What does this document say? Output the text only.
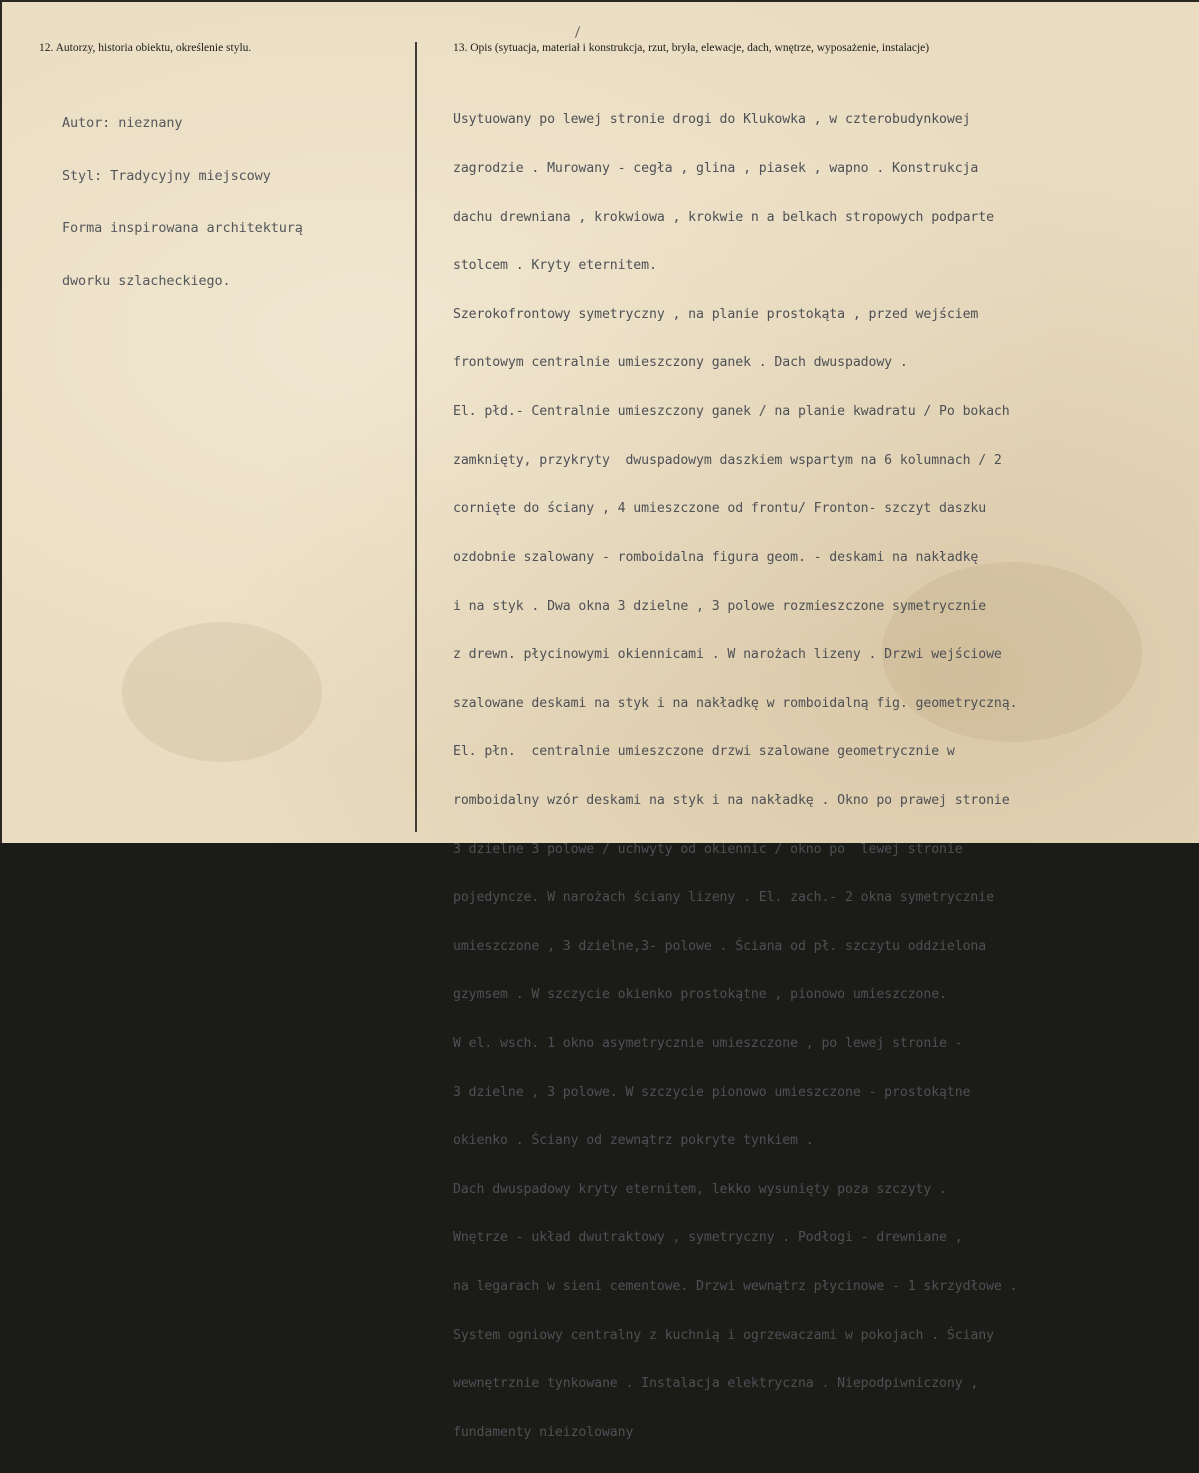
12. Autorzy, historia obiektu, określenie stylu.	13. Opis (sytuacja, materiał i konstrukcja, rzut, bryła, elewacje, dach, wnętrze, wyposażenie, instalacje)

Autor: nieznany

Styl: Tradycyjny miejscowy

Forma inspirowana architekturą

dworku szlacheckiego.

Usytuowany po lewej stronie drogi do Klukowka , w czterobudynkowej

zagrodzie . Murowany - cegła , glina , piasek , wapno . Konstrukcja

dachu drewniana , krokwiowa , krokwie n a belkach stropowych podparte

stolcem . Kryty eternitem.

Szerokofrontowy symetryczny , na planie prostokąta , przed wejściem

frontowym centralnie umieszczony ganek . Dach dwuspadowy .

El. płd.- Centralnie umieszczony ganek / na planie kwadratu / Po bokach

zamknięty, przykryty  dwuspadowym daszkiem wspartym na 6 kolumnach / 2

cornięte do ściany , 4 umieszczone od frontu/ Fronton- szczyt daszku

ozdobnie szalowany - romboidalna figura geom. - deskami na nakładkę

i na styk . Dwa okna 3 dzielne , 3 polowe rozmieszczone symetrycznie

z drewn. płycinowymi okiennicami . W narożach lizeny . Drzwi wejściowe

szalowane deskami na styk i na nakładkę w romboidalną fig. geometryczną.

El. płn.  centralnie umieszczone drzwi szalowane geometrycznie w

romboidalny wzór deskami na styk i na nakładkę . Okno po prawej stronie

3 dzielne 3 polowe / uchwyty od okiennic / okno po  lewej stronie

pojedyncze. W narożach ściany lizeny . El. zach.- 2 okna symetrycznie

umieszczone , 3 dzielne,3- polowe . Ściana od pł. szczytu oddzielona

gzymsem . W szczycie okienko prostokątne , pionowo umieszczone.

W el. wsch. 1 okno asymetrycznie umieszczone , po lewej stronie -

3 dzielne , 3 polowe. W szczycie pionowo umieszczone - prostokątne

okienko . Ściany od zewnątrz pokryte tynkiem .

Dach dwuspadowy kryty eternitem, lekko wysunięty poza szczyty .

Wnętrze - układ dwutraktowy , symetryczny . Podłogi - drewniane ,

na legarach w sieni cementowe. Drzwi wewnątrz płycinowe - 1 skrzydłowe .

System ogniowy centralny z kuchnią i ogrzewaczami w pokojach . Ściany

wewnętrznie tynkowane . Instalacja elektryczna . Niepodpiwniczony ,

fundamenty nieizolowany
